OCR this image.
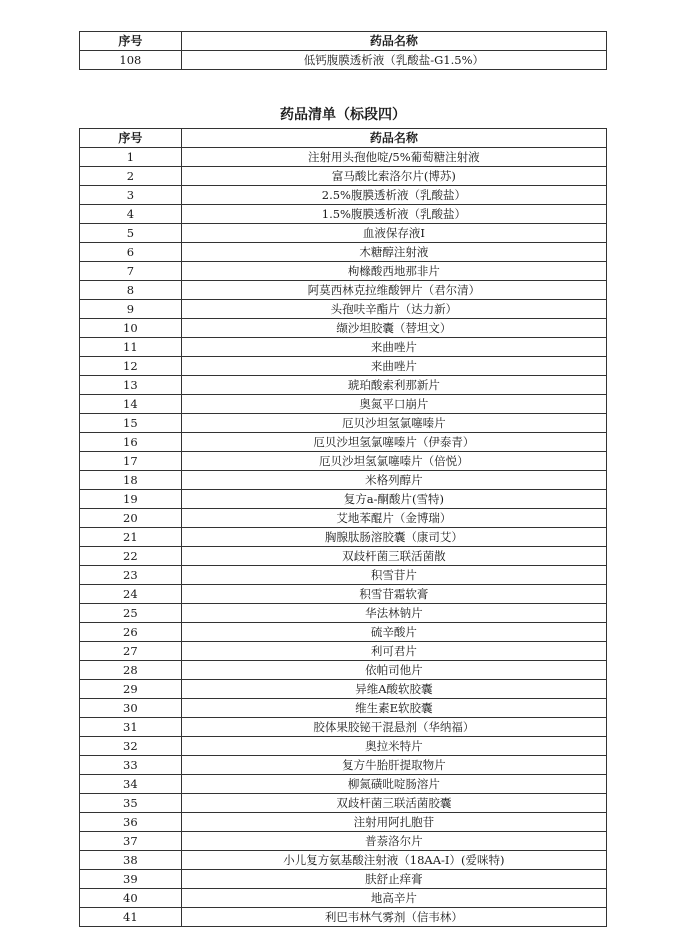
序号	药品名称
108	低钙腹膜透析液（乳酸盐-G1.5%）
药品清单（标段四）
序号	药品名称
1	注射用头孢他啶/5%葡萄糖注射液
2	富马酸比索洛尔片(博苏)
3	2.5%腹膜透析液（乳酸盐）
4	1.5%腹膜透析液（乳酸盐）
5	血液保存液I
6	木糖醇注射液
7	枸橼酸西地那非片
8	阿莫西林克拉维酸钾片（君尔清）
9	头孢呋辛酯片（达力新）
10	缬沙坦胶囊（替坦文）
11	来曲唑片
12	来曲唑片
13	琥珀酸索利那新片
14	奥氮平口崩片
15	厄贝沙坦氢氯噻嗪片
16	厄贝沙坦氢氯噻嗪片（伊泰青）
17	厄贝沙坦氢氯噻嗪片（倍悦）
18	米格列醇片
19	复方a-酮酸片(雪特)
20	艾地苯醌片（金博瑞）
21	胸腺肽肠溶胶囊（康司艾）
22	双歧杆菌三联活菌散
23	积雪苷片
24	积雪苷霜软膏
25	华法林钠片
26	硫辛酸片
27	利可君片
28	依帕司他片
29	异维A酸软胶囊
30	维生素E软胶囊
31	胶体果胶铋干混悬剂（华纳福）
32	奥拉米特片
33	复方牛胎肝提取物片
34	柳氮磺吡啶肠溶片
35	双歧杆菌三联活菌胶囊
36	注射用阿扎胞苷
37	普萘洛尔片
38	小儿复方氨基酸注射液（18AA-I）(爱咪特)
39	肤舒止痒膏
40	地高辛片
41	利巴韦林气雾剂（信韦林）
